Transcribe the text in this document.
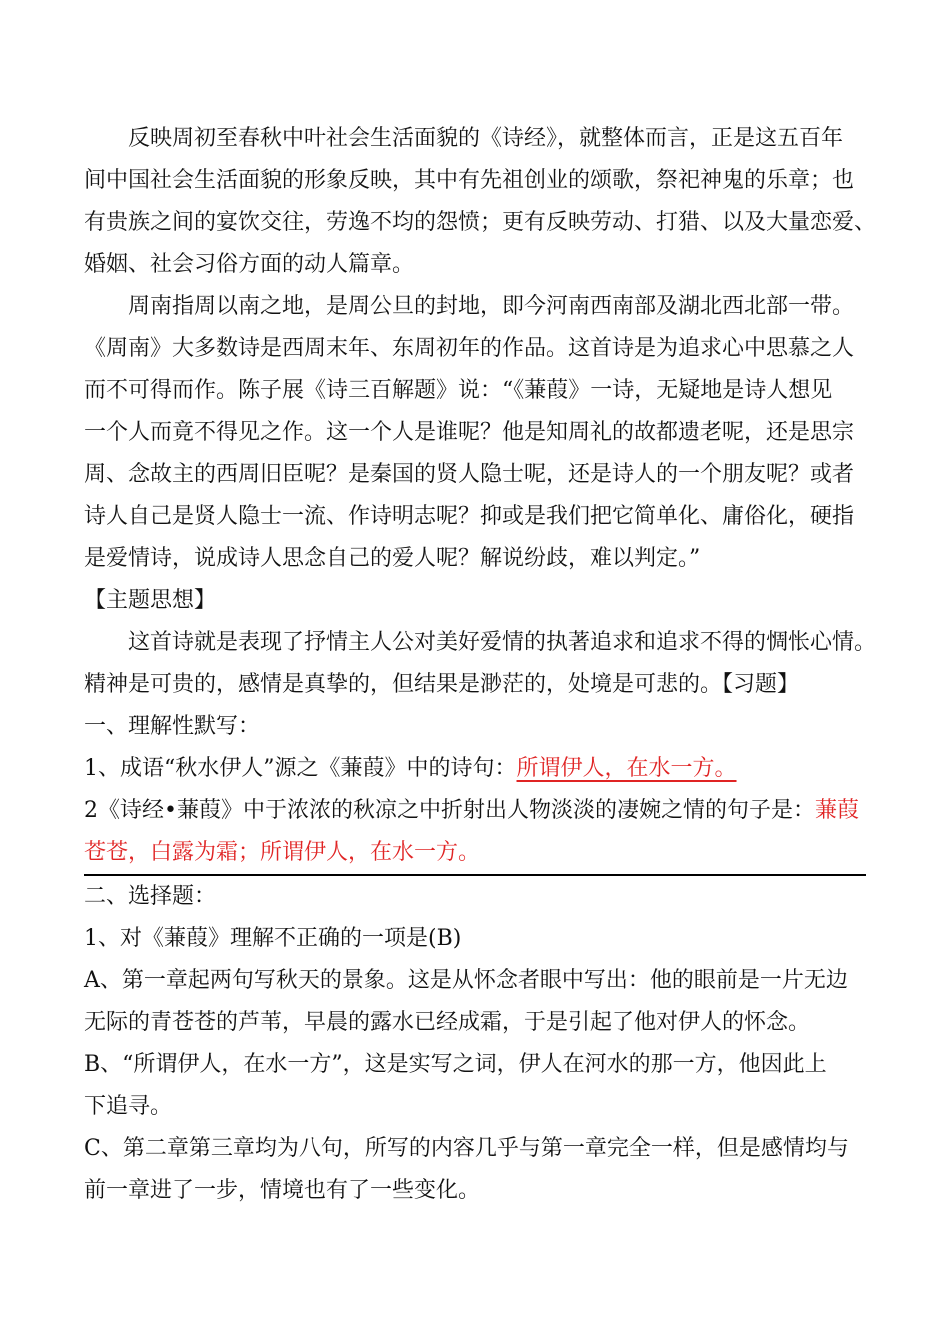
反映周初至春秋中叶社会生活面貌的《诗经》，就整体而言，正是这五百年
间中国社会生活面貌的形象反映，其中有先祖创业的颂歌，祭祀神鬼的乐章；也
有贵族之间的宴饮交往，劳逸不均的怨愤；更有反映劳动、打猎、以及大量恋爱、
婚姻、社会习俗方面的动人篇章。
周南指周以南之地，是周公旦的封地，即今河南西南部及湖北西北部一带。
《周南》大多数诗是西周末年、东周初年的作品。这首诗是为追求心中思慕之人
而不可得而作。陈子展《诗三百解题》说：“《蒹葭》一诗，无疑地是诗人想见
一个人而竟不得见之作。这一个人是谁呢？他是知周礼的故都遗老呢，还是思宗
周、念故主的西周旧臣呢？是秦国的贤人隐士呢，还是诗人的一个朋友呢？或者
诗人自己是贤人隐士一流、作诗明志呢？抑或是我们把它简单化、庸俗化，硬指
是爱情诗，说成诗人思念自己的爱人呢？解说纷歧，难以判定。”
【主题思想】
这首诗就是表现了抒情主人公对美好爱情的执著追求和追求不得的惆怅心情。
精神是可贵的，感情是真挚的，但结果是渺茫的，处境是可悲的。【习题】
一、理解性默写：
1、成语“秋水伊人”源之《蒹葭》中的诗句：所谓伊人，在水一方。
2《诗经•蒹葭》中于浓浓的秋凉之中折射出人物淡淡的凄婉之情的句子是：蒹葭
苍苍，白露为霜；所谓伊人，在水一方。
二、选择题：
1、对《蒹葭》理解不正确的一项是(B)
A、第一章起两句写秋天的景象。这是从怀念者眼中写出：他的眼前是一片无边
无际的青苍苍的芦苇，早晨的露水已经成霜，于是引起了他对伊人的怀念。
B、“所谓伊人，在水一方”，这是实写之词，伊人在河水的那一方，他因此上
下追寻。
C、第二章第三章均为八句，所写的内容几乎与第一章完全一样，但是感情均与
前一章进了一步，情境也有了一些变化。
